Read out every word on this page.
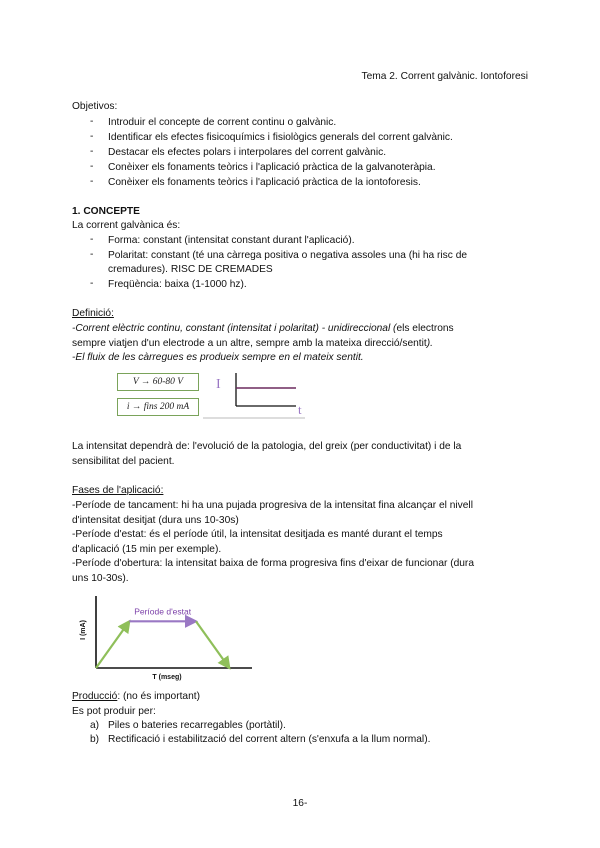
Tema 2. Corrent galvànic. Iontoforesi
Objetivos:
- Introduir el concepte de corrent continu o galvànic.
- Identificar els efectes fisicoquímics i fisiològics generals del corrent galvànic.
- Destacar els efectes polars i interpolares del corrent galvànic.
- Conèixer els fonaments teòrics i l'aplicació pràctica de la galvanoteràpia.
- Conèixer els fonaments teòrics i l'aplicació pràctica de la iontoforesis.
1. CONCEPTE
La corrent galvànica és:
- Forma: constant (intensitat constant durant l'aplicació).
- Polaritat: constant (té una càrrega positiva o negativa assoles una (hi ha risc de
cremadures). RISC DE CREMADES
- Freqüència: baixa (1-1000 hz).
Definició:
-Corrent elèctric continu, constant (intensitat i polaritat) - unidireccional (els electrons
sempre viatjen d'un electrode a un altre, sempre amb la mateixa direcció/sentit).
-El fluix de les càrregues es produeix sempre en el mateix sentit.
V → 60-80 V
i → fins 200 mA
I
t
La intensitat dependrà de: l'evolució de la patologia, del greix (per conductivitat) i de la
sensibilitat del pacient.
Fases de l'aplicació:
-Període de tancament: hi ha una pujada progresiva de la intensitat fina alcançar el nivell
d'intensitat desitjat (dura uns 10-30s)
-Període d'estat: és el període útil, la intensitat desitjada es manté durant el temps
d'aplicació (15 min per exemple).
-Període d'obertura: la intensitat baixa de forma progresiva fins d'eixar de funcionar (dura
uns 10-30s).
Període d'estat
I (mA)
T (mseg)
Producció: (no és important)
Es pot produir per:
a) Piles o bateries recarregables (portàtil).
b) Rectificació i estabilització del corrent altern (s'enxufa a la llum normal).
16-
